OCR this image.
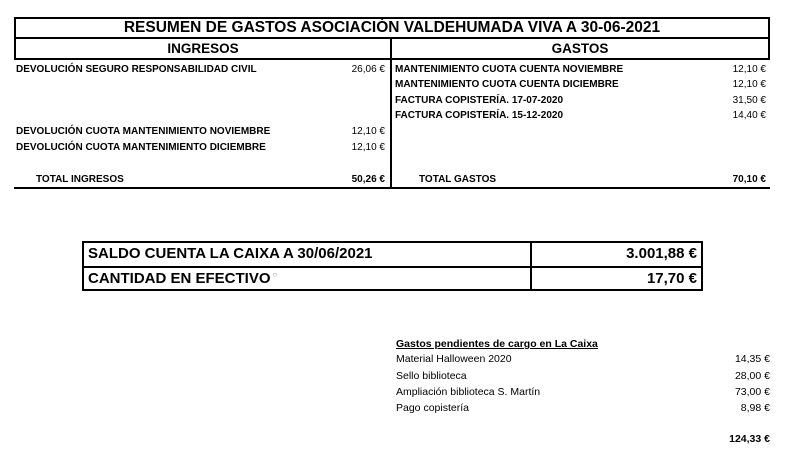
RESUMEN DE GASTOS ASOCIACIÓN VALDEHUMADA VIVA A 30-06-2021
INGRESOS	GASTOS
DEVOLUCIÓN SEGURO RESPONSABILIDAD CIVIL	26,06 €
DEVOLUCIÓN CUOTA MANTENIMIENTO NOVIEMBRE	12,10 €
DEVOLUCIÓN CUOTA MANTENIMIENTO DICIEMBRE	12,10 €
TOTAL INGRESOS	50,26 €
MANTENIMIENTO CUOTA CUENTA NOVIEMBRE	12,10 €
MANTENIMIENTO CUOTA CUENTA DICIEMBRE	12,10 €
FACTURA COPISTERÍA. 17-07-2020	31,50 €
FACTURA COPISTERÍA. 15-12-2020	14,40 €
TOTAL GASTOS	70,10 €
SALDO CUENTA LA CAIXA A 30/06/2021	3.001,88 €
CANTIDAD EN EFECTIVO ○	17,70 €
Gastos pendientes de cargo en La Caixa
Material Halloween 2020	14,35 €
Sello biblioteca	28,00 €
Ampliación biblioteca S. Martín	73,00 €
Pago copistería	8,98 €
124,33 €
